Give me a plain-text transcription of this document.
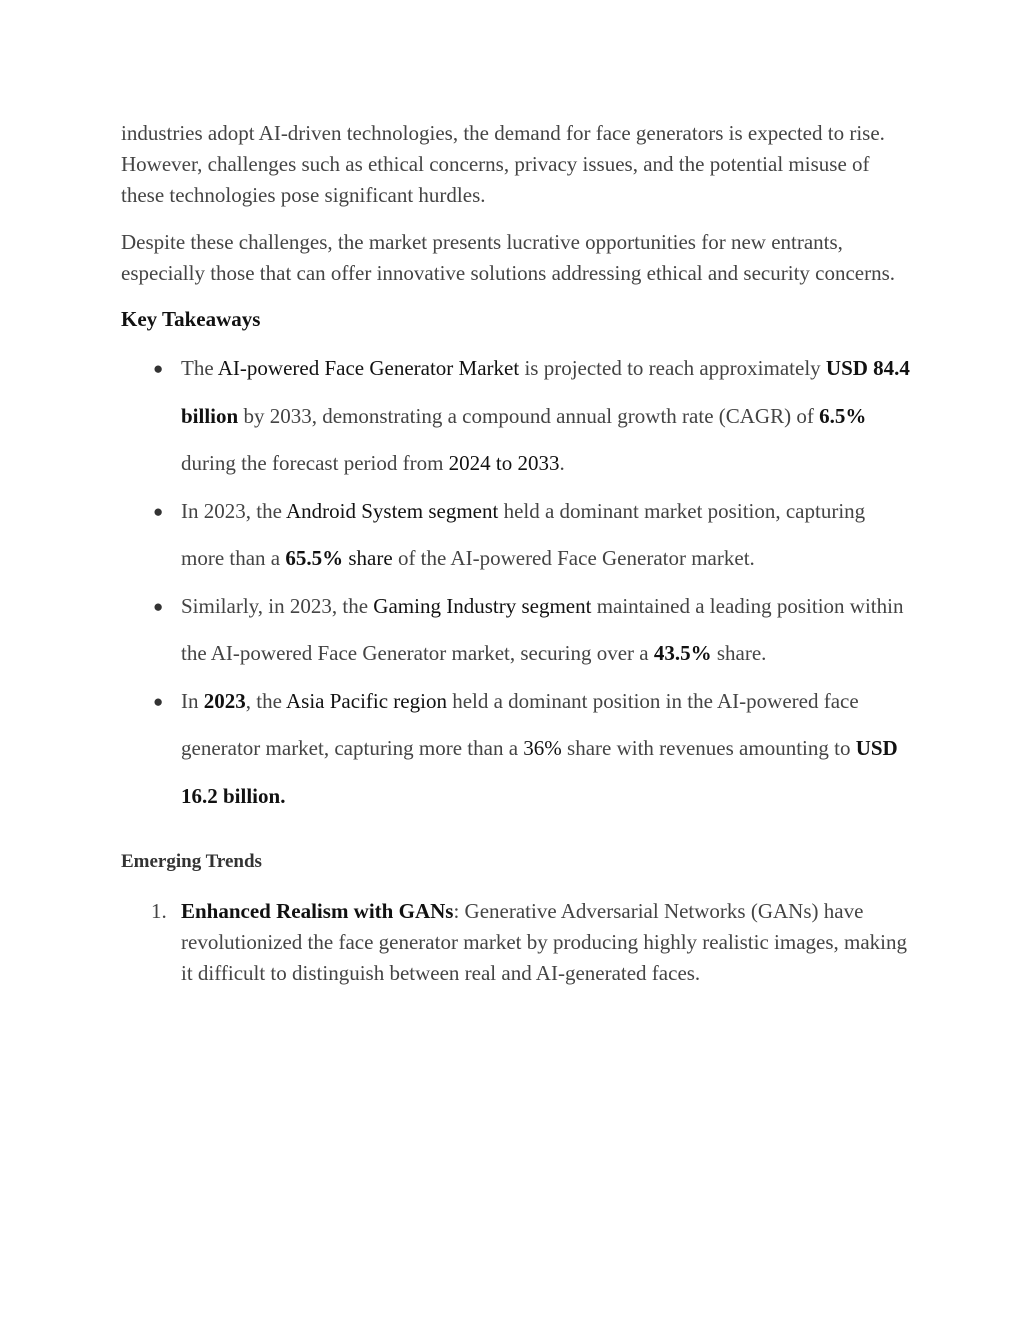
industries adopt AI-driven technologies, the demand for face generators is expected to rise. However, challenges such as ethical concerns, privacy issues, and the potential misuse of these technologies pose significant hurdles.

Despite these challenges, the market presents lucrative opportunities for new entrants, especially those that can offer innovative solutions addressing ethical and security concerns.

Key Takeaways
● The AI-powered Face Generator Market is projected to reach approximately USD 84.4 billion by 2033, demonstrating a compound annual growth rate (CAGR) of 6.5% during the forecast period from 2024 to 2033.
● In 2023, the Android System segment held a dominant market position, capturing more than a 65.5% share of the AI-powered Face Generator market.
● Similarly, in 2023, the Gaming Industry segment maintained a leading position within the AI-powered Face Generator market, securing over a 43.5% share.
● In 2023, the Asia Pacific region held a dominant position in the AI-powered face generator market, capturing more than a 36% share with revenues amounting to USD 16.2 billion.
Emerging Trends
1. Enhanced Realism with GANs: Generative Adversarial Networks (GANs) have revolutionized the face generator market by producing highly realistic images, making it difficult to distinguish between real and AI-generated faces.
